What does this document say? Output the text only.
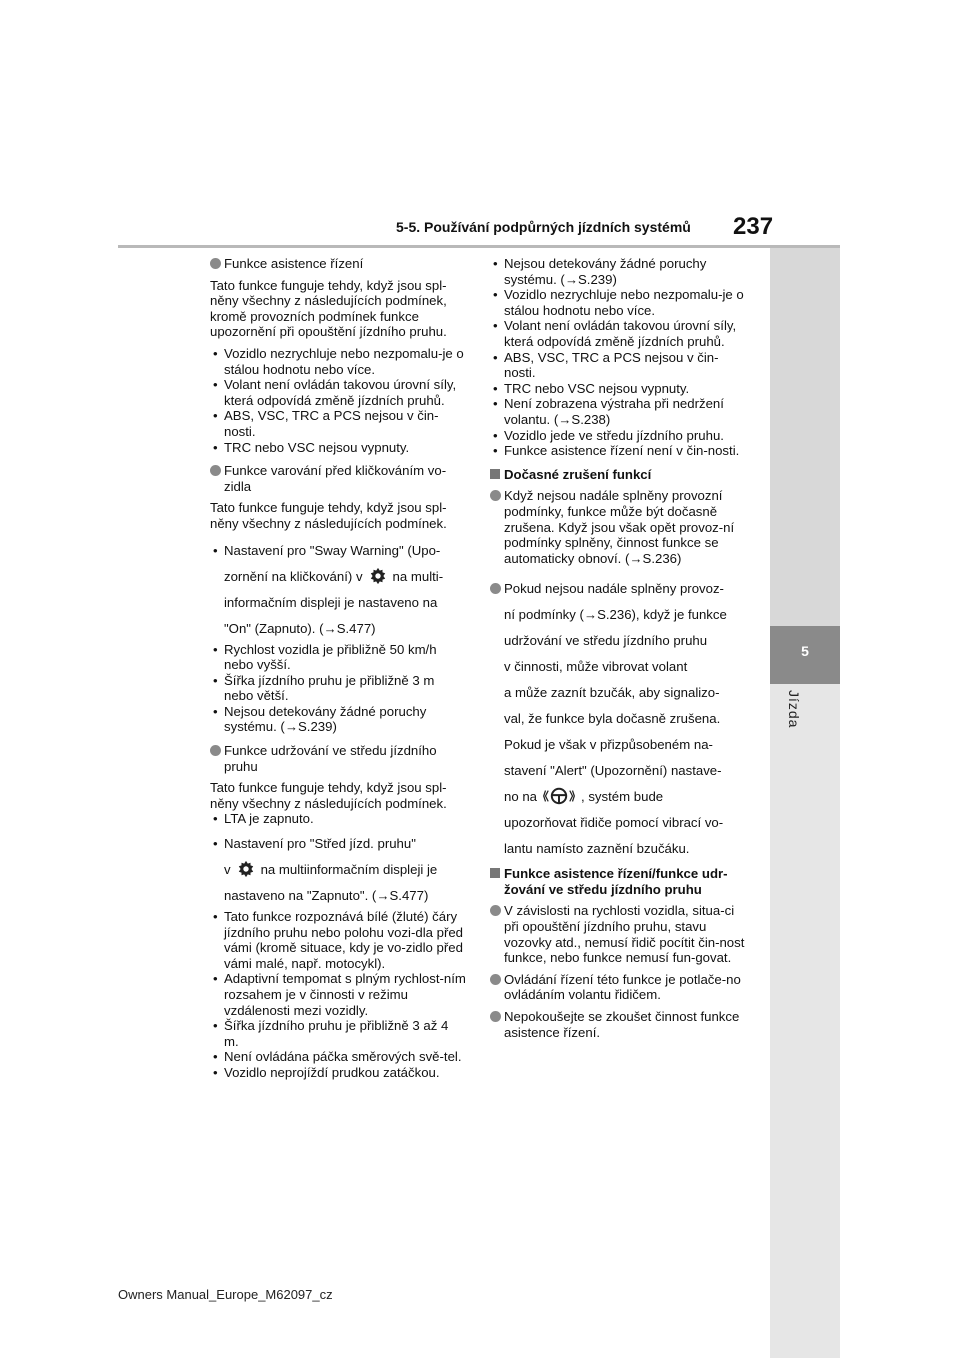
5-5. Používání podpůrných jízdních systémů 237
5
Jízda
Funkce asistence řízení

Tato funkce funguje tehdy, když jsou spl-něny všechny z následujících podmínek, kromě provozních podmínek funkce upozornění při opouštění jízdního pruhu.

• Vozidlo nezrychluje nebo nezpomalu-je o stálou hodnotu nebo více.

• Volant není ovládán takovou úrovní síly, která odpovídá změně jízdních pruhů.

• ABS, VSC, TRC a PCS nejsou v čin-nosti.

• TRC nebo VSC nejsou vypnuty.

Funkce varování před kličkováním vo-zidla

Tato funkce funguje tehdy, když jsou spl-něny všechny z následujících podmínek.

• Nastavení pro "Sway Warning" (Upo-
zornění na kličkování) v na multi-
informačním displeji je nastaveno na
"On" (Zapnuto). (→S.477)

• Rychlost vozidla je přibližně 50 km/h nebo vyšší.

• Šířka jízdního pruhu je přibližně 3 m nebo větší.

• Nejsou detekovány žádné poruchy systému. (→S.239)

Funkce udržování ve středu jízdního pruhu

Tato funkce funguje tehdy, když jsou spl-něny všechny z následujících podmínek.

• LTA je zapnuto.

• Nastavení pro "Střed jízd. pruhu"
v na multiinformačním displeji je
nastaveno na "Zapnuto". (→S.477)

• Tato funkce rozpoznává bílé (žluté) čáry jízdního pruhu nebo polohu vozi-dla před vámi (kromě situace, kdy je vo-zidlo před vámi malé, např. motocykl).

• Adaptivní tempomat s plným rychlost-ním rozsahem je v činnosti v režimu vzdálenosti mezi vozidly.

• Šířka jízdního pruhu je přibližně 3 až 4 m.

• Není ovládána páčka směrových svě-tel.

• Vozidlo neprojíždí prudkou zatáčkou.

• Nejsou detekovány žádné poruchy systému. (→S.239)

• Vozidlo nezrychluje nebo nezpomalu-je o stálou hodnotu nebo více.

• Volant není ovládán takovou úrovní síly, která odpovídá změně jízdních pruhů.

• ABS, VSC, TRC a PCS nejsou v čin-nosti.

• TRC nebo VSC nejsou vypnuty.

• Není zobrazena výstraha při nedržení volantu. (→S.238)

• Vozidlo jede ve středu jízdního pruhu.

• Funkce asistence řízení není v čin-nosti.

Dočasné zrušení funkcí
Když nejsou nadále splněny provozní podmínky, funkce může být dočasně zrušena. Když jsou však opět provoz-ní podmínky splněny, činnost funkce se automaticky obnoví. (→S.236)
Pokud nejsou nadále splněny provoz-
ní podmínky (→S.236), když je funkce
udržování ve středu jízdního pruhu
v činnosti, může vibrovat volant
a může zaznít bzučák, aby signalizo-
val, že funkce byla dočasně zrušena.
Pokud je však v přizpůsobeném na-
stavení "Alert" (Upozornění) nastave-
no na	, systém bude
upozorňovat řidiče pomocí vibrací vo-
lantu namísto zaznění bzučáku.
Funkce asistence řízení/funkce udr-žování ve středu jízdního pruhu
V závislosti na rychlosti vozidla, situa-ci při opouštění jízdního pruhu, stavu vozovky atd., nemusí řidič pocítit čin-nost funkce, nebo funkce nemusí fun-govat.
Ovládání řízení této funkce je potlače-no ovládáním volantu řidičem.
Nepokoušejte se zkoušet činnost funkce asistence řízení.
Owners Manual_Europe_M62097_cz
